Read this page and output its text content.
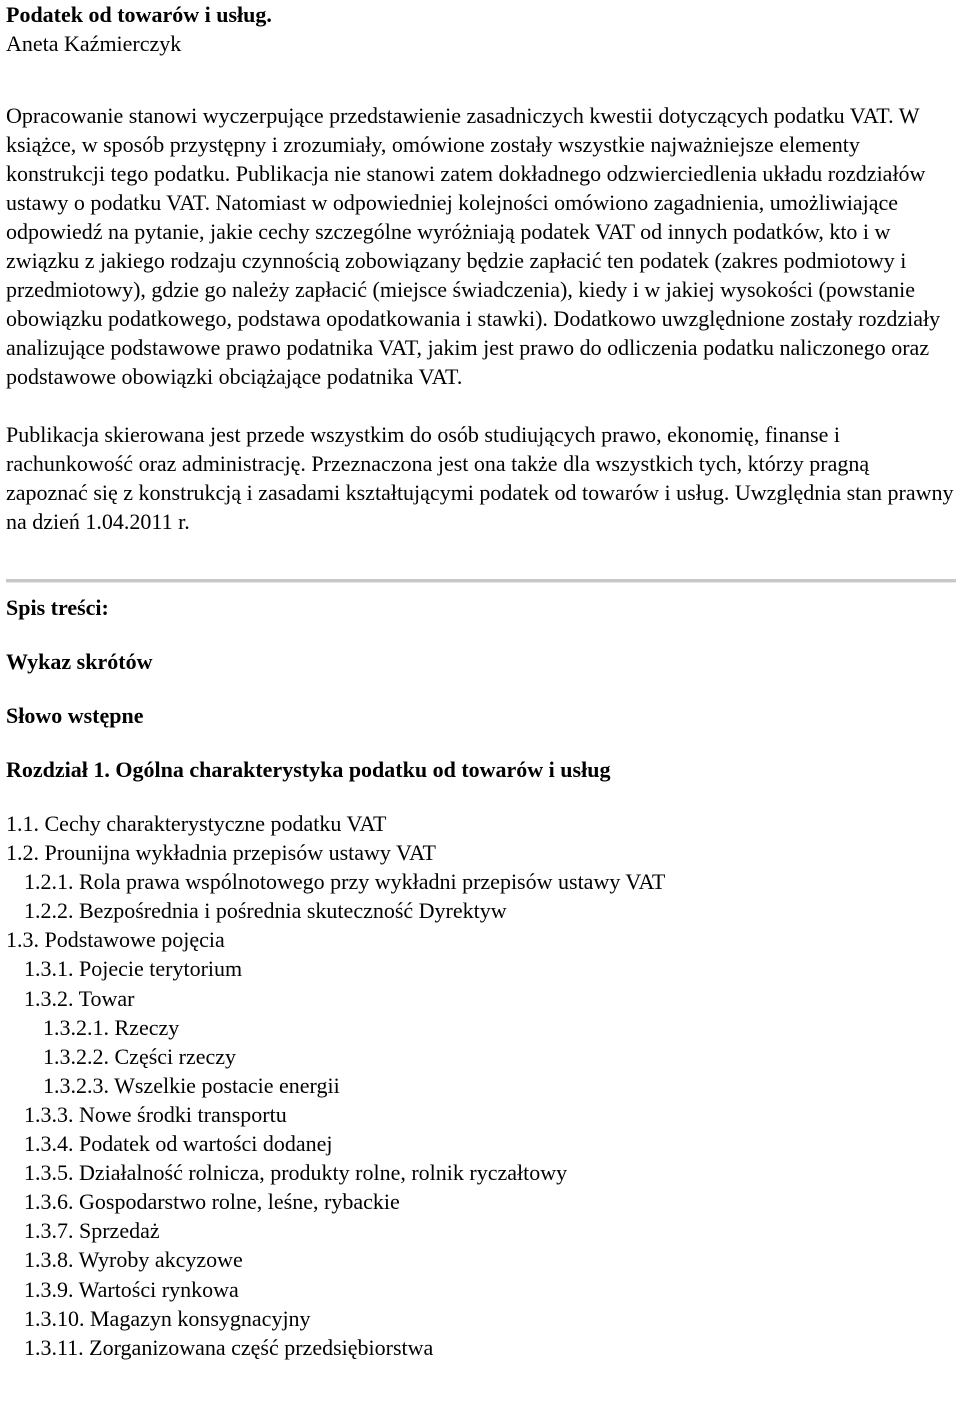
Podatek od towarów i usług.

Aneta Kaźmierczyk

Opracowanie stanowi wyczerpujące przedstawienie zasadniczych kwestii dotyczących podatku VAT. W książce, w sposób przystępny i zrozumiały, omówione zostały wszystkie najważniejsze elementy konstrukcji tego podatku. Publikacja nie stanowi zatem dokładnego odzwierciedlenia układu rozdziałów ustawy o podatku VAT. Natomiast w odpowiedniej kolejności omówiono zagadnienia, umożliwiające odpowiedź na pytanie, jakie cechy szczególne wyróżniają podatek VAT od innych podatków, kto i w związku z jakiego rodzaju czynnością zobowiązany będzie zapłacić ten podatek (zakres podmiotowy i przedmiotowy), gdzie go należy zapłacić (miejsce świadczenia), kiedy i w jakiej wysokości (powstanie obowiązku podatkowego, podstawa opodatkowania i stawki). Dodatkowo uwzględnione zostały rozdziały analizujące podstawowe prawo podatnika VAT, jakim jest prawo do odliczenia podatku naliczonego oraz podstawowe obowiązki obciążające podatnika VAT.

Publikacja skierowana jest przede wszystkim do osób studiujących prawo, ekonomię, finanse i rachunkowość oraz administrację. Przeznaczona jest ona także dla wszystkich tych, którzy pragną zapoznać się z konstrukcją i zasadami kształtującymi podatek od towarów i usług. Uwzględnia stan prawny na dzień 1.04.2011 r.

Spis treści:

Wykaz skrótów

Słowo wstępne

Rozdział 1. Ogólna charakterystyka podatku od towarów i usług

1.1. Cechy charakterystyczne podatku VAT
1.2. Prounijna wykładnia przepisów ustawy VAT
1.2.1. Rola prawa wspólnotowego przy wykładni przepisów ustawy VAT
1.2.2. Bezpośrednia i pośrednia skuteczność Dyrektyw
1.3. Podstawowe pojęcia
1.3.1. Pojecie terytorium
1.3.2. Towar
1.3.2.1. Rzeczy
1.3.2.2. Części rzeczy
1.3.2.3. Wszelkie postacie energii
1.3.3. Nowe środki transportu
1.3.4. Podatek od wartości dodanej
1.3.5. Działalność rolnicza, produkty rolne, rolnik ryczałtowy
1.3.6. Gospodarstwo rolne, leśne, rybackie
1.3.7. Sprzedaż
1.3.8. Wyroby akcyzowe
1.3.9. Wartości rynkowa
1.3.10. Magazyn konsygnacyjny
1.3.11. Zorganizowana część przedsiębiorstwa
